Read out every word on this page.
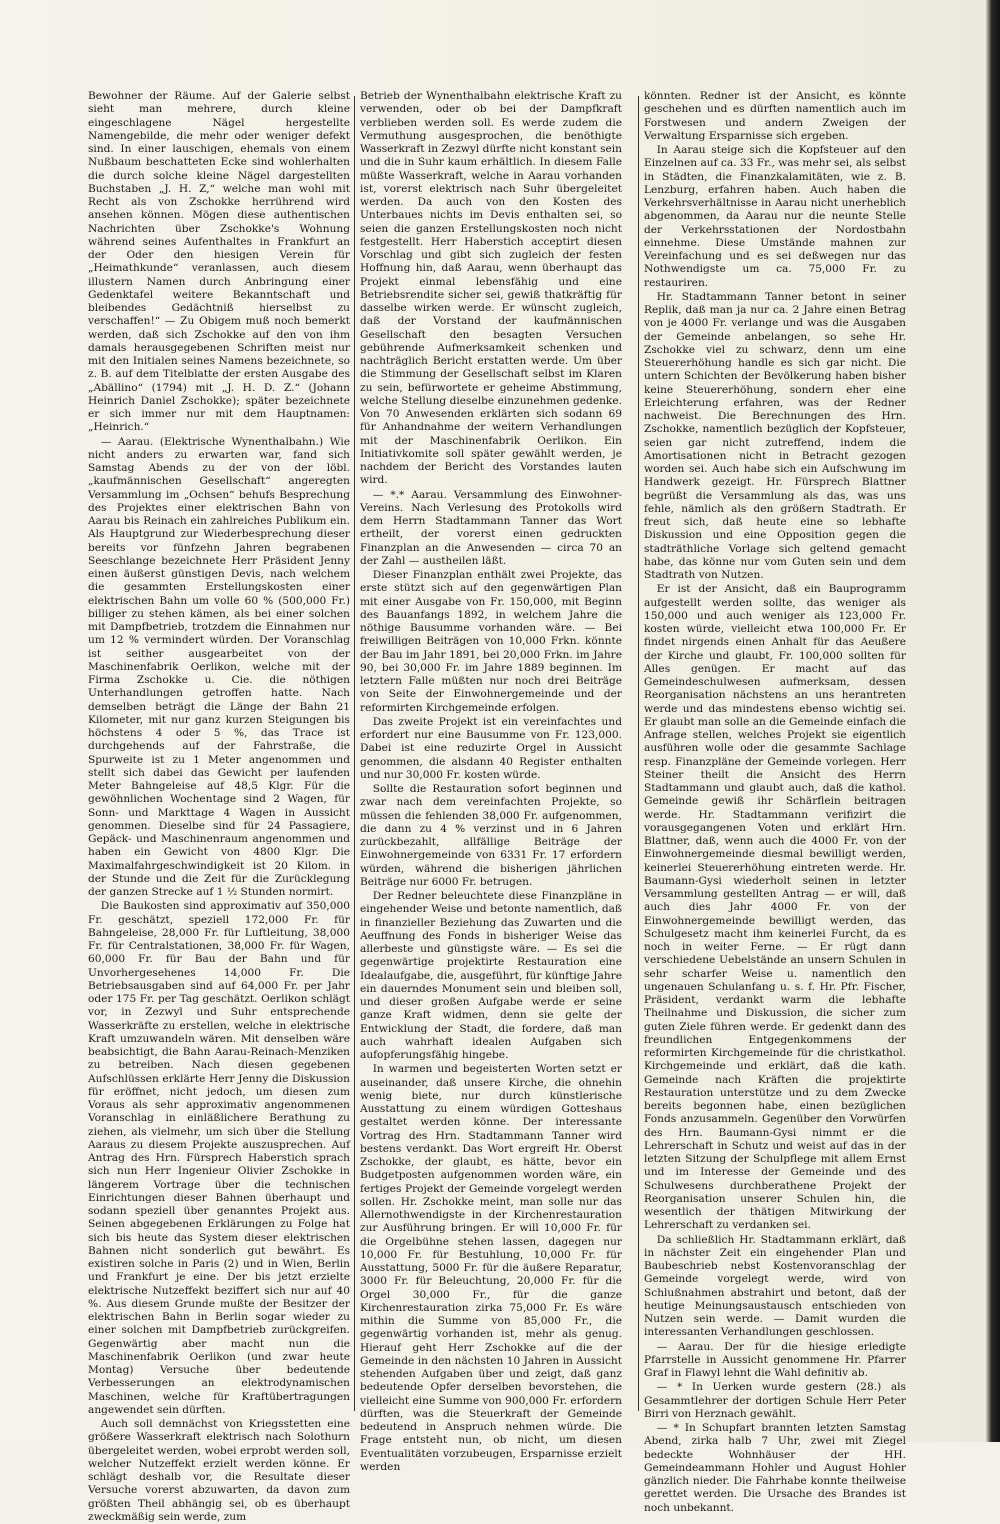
Bewohner der Räume. Auf der Galerie selbst sieht man mehrere, durch kleine eingeschlagene Nägel hergestellte Namengebilde, die mehr oder weniger defekt sind. In einer lauschigen, ehemals von einem Nußbaum beschatteten Ecke sind wohlerhalten die durch solche kleine Nägel dargestellten Buchstaben „J. H. Z,“ welche man wohl mit Recht als von Zschokke herrührend wird ansehen können. Mögen diese authentischen Nachrichten über Zschokke's Wohnung während seines Aufenthaltes in Frankfurt an der Oder den hiesigen Verein für „Heimathkunde“ veranlassen, auch diesem illustern Namen durch Anbringung einer Gedenktafel weitere Bekanntschaft und bleibendes Gedächtniß hierselbst zu verschaffen!“ — Zu Obigem muß noch bemerkt werden, daß sich Zschokke auf den von ihm damals herausgegebenen Schriften meist nur mit den Initialen seines Namens bezeichnete, so z. B. auf dem Titelblatte der ersten Ausgabe des „Abällino“ (1794) mit „J. H. D. Z.“ (Johann Heinrich Daniel Zschokke); später bezeichnete er sich immer nur mit dem Hauptnamen: „Heinrich.“

— Aarau. (Elektrische Wynenthalbahn.) Wie nicht anders zu erwarten war, fand sich Samstag Abends zu der von der löbl. „kaufmännischen Gesellschaft“ angeregten Versammlung im „Ochsen“ behufs Besprechung des Projektes einer elektrischen Bahn von Aarau bis Reinach ein zahlreiches Publikum ein. Als Hauptgrund zur Wiederbesprechung dieser bereits vor fünfzehn Jahren begrabenen Seeschlange bezeichnete Herr Präsident Jenny einen äußerst günstigen Devis, nach welchem die gesammten Erstellungskosten einer elektrischen Bahn um volle 60 % (500,000 Fr.) billiger zu stehen kämen, als bei einer solchen mit Dampfbetrieb, trotzdem die Einnahmen nur um 12 % vermindert würden. Der Voranschlag ist seither ausgearbeitet von der Maschinenfabrik Oerlikon, welche mit der Firma Zschokke u. Cie. die nöthigen Unterhandlungen getroffen hatte. Nach demselben beträgt die Länge der Bahn 21 Kilometer, mit nur ganz kurzen Steigungen bis höchstens 4 oder 5 %, das Trace ist durchgehends auf der Fahrstraße, die Spurweite ist zu 1 Meter angenommen und stellt sich dabei das Gewicht per laufenden Meter Bahngeleise auf 48,5 Klgr. Für die gewöhnlichen Wochentage sind 2 Wagen, für Sonn- und Markttage 4 Wagen in Aussicht genommen. Dieselbe sind für 24 Passagiere, Gepäck- und Maschinenraum angenommen und haben ein Gewicht von 4800 Klgr. Die Maximalfahrgeschwindigkeit ist 20 Kilom. in der Stunde und die Zeit für die Zurücklegung der ganzen Strecke auf 1 ½ Stunden normirt.

Die Baukosten sind approximativ auf 350,000 Fr. geschätzt, speziell 172,000 Fr. für Bahngeleise, 28,000 Fr. für Luftleitung, 38,000 Fr. für Centralstationen, 38,000 Fr. für Wagen, 60,000 Fr. für Bau der Bahn und für Unvorhergesehenes 14,000 Fr. Die Betriebsausgaben sind auf 64,000 Fr. per Jahr oder 175 Fr. per Tag geschätzt. Oerlikon schlägt vor, in Zezwyl und Suhr entsprechende Wasserkräfte zu erstellen, welche in elektrische Kraft umzuwandeln wären. Mit denselben wäre beabsichtigt, die Bahn Aarau-Reinach-Menziken zu betreiben. Nach diesen gegebenen Aufschlüssen erklärte Herr Jenny die Diskussion für eröffnet, nicht jedoch, um diesen zum Voraus als sehr approximativ angenommenen Voranschlag in einläßlichere Berathung zu ziehen, als vielmehr, um sich über die Stellung Aaraus zu diesem Projekte auszusprechen. Auf Antrag des Hrn. Fürsprech Haberstich sprach sich nun Herr Ingenieur Olivier Zschokke in längerem Vortrage über die technischen Einrichtungen dieser Bahnen überhaupt und sodann speziell über genanntes Projekt aus. Seinen abgegebenen Erklärungen zu Folge hat sich bis heute das System dieser elektrischen Bahnen nicht sonderlich gut bewährt. Es existiren solche in Paris (2) und in Wien, Berlin und Frankfurt je eine. Der bis jetzt erzielte elektrische Nutzeffekt beziffert sich nur auf 40 %. Aus diesem Grunde mußte der Besitzer der elektrischen Bahn in Berlin sogar wieder zu einer solchen mit Dampfbetrieb zurückgreifen. Gegenwärtig aber macht nun die Maschinenfabrik Oerlikon (und zwar heute Montag) Versuche über bedeutende Verbesserungen an elektrodynamischen Maschinen, welche für Kraftübertragungen angewendet sein dürften.

Auch soll demnächst von Kriegsstetten eine größere Wasserkraft elektrisch nach Solothurn übergeleitet werden, wobei erprobt werden soll, welcher Nutzeffekt erzielt werden könne. Er schlägt deshalb vor, die Resultate dieser Versuche vorerst abzuwarten, da davon zum größten Theil abhängig sei, ob es überhaupt zweckmäßig sein werde, zum

Betrieb der Wynenthalbahn elektrische Kraft zu verwenden, oder ob bei der Dampfkraft verblieben werden soll. Es werde zudem die Vermuthung ausgesprochen, die benöthigte Wasserkraft in Zezwyl dürfte nicht konstant sein und die in Suhr kaum erhältlich. In diesem Falle müßte Wasserkraft, welche in Aarau vorhanden ist, vorerst elektrisch nach Suhr übergeleitet werden. Da auch von den Kosten des Unterbaues nichts im Devis enthalten sei, so seien die ganzen Erstellungskosten noch nicht festgestellt. Herr Haberstich acceptirt diesen Vorschlag und gibt sich zugleich der festen Hoffnung hin, daß Aarau, wenn überhaupt das Projekt einmal lebensfähig und eine Betriebsrendite sicher sei, gewiß thatkräftig für dasselbe wirken werde. Er wünscht zugleich, daß der Vorstand der kaufmännischen Gesellschaft den besagten Versuchen gebührende Aufmerksamkeit schenken und nachträglich Bericht erstatten werde. Um über die Stimmung der Gesellschaft selbst im Klaren zu sein, befürwortete er geheime Abstimmung, welche Stellung dieselbe einzunehmen gedenke. Von 70 Anwesenden erklärten sich sodann 69 für Anhandnahme der weitern Verhandlungen mit der Maschinenfabrik Oerlikon. Ein Initiativkomite soll später gewählt werden, je nachdem der Bericht des Vorstandes lauten wird.

— *.* Aarau. Versammlung des Einwohner-Vereins. Nach Verlesung des Protokolls wird dem Herrn Stadtammann Tanner das Wort ertheilt, der vorerst einen gedruckten Finanzplan an die Anwesenden — circa 70 an der Zahl — austheilen läßt.

Dieser Finanzplan enthält zwei Projekte, das erste stützt sich auf den gegenwärtigen Plan mit einer Ausgabe von Fr. 150,000, mit Beginn des Bauanfangs 1892, in welchem Jahre die nöthige Bausumme vorhanden wäre. — Bei freiwilligen Beiträgen von 10,000 Frkn. könnte der Bau im Jahr 1891, bei 20,000 Frkn. im Jahre 90, bei 30,000 Fr. im Jahre 1889 beginnen. Im letztern Falle müßten nur noch drei Beiträge von Seite der Einwohnergemeinde und der reformirten Kirchgemeinde erfolgen.

Das zweite Projekt ist ein vereinfachtes und erfordert nur eine Bausumme von Fr. 123,000. Dabei ist eine reduzirte Orgel in Aussicht genommen, die alsdann 40 Register enthalten und nur 30,000 Fr. kosten würde.

Sollte die Restauration sofort beginnen und zwar nach dem vereinfachten Projekte, so müssen die fehlenden 38,000 Fr. aufgenommen, die dann zu 4 % verzinst und in 6 Jahren zurückbezahlt, allfällige Beiträge der Einwohnergemeinde von 6331 Fr. 17 erfordern würden, während die bisherigen jährlichen Beiträge nur 6000 Fr. betrugen.

Der Redner beleuchtete diese Finanzpläne in eingehender Weise und betonte namentlich, daß in finanzieller Beziehung das Zuwarten und die Aeuffnung des Fonds in bisheriger Weise das allerbeste und günstigste wäre. — Es sei die gegenwärtige projektirte Restauration eine Idealaufgabe, die, ausgeführt, für künftige Jahre ein dauerndes Monument sein und bleiben soll, und dieser großen Aufgabe werde er seine ganze Kraft widmen, denn sie gelte der Entwicklung der Stadt, die fordere, daß man auch wahrhaft idealen Aufgaben sich aufopferungsfähig hingebe.

In warmen und begeisterten Worten setzt er auseinander, daß unsere Kirche, die ohnehin wenig biete, nur durch künstlerische Ausstattung zu einem würdigen Gotteshaus gestaltet werden könne. Der interessante Vortrag des Hrn. Stadtammann Tanner wird bestens verdankt. Das Wort ergreift Hr. Oberst Zschokke, der glaubt, es hätte, bevor ein Budgetposten aufgenommen worden wäre, ein fertiges Projekt der Gemeinde vorgelegt werden sollen. Hr. Zschokke meint, man solle nur das Allernothwendigste in der Kirchenrestauration zur Ausführung bringen. Er will 10,000 Fr. für die Orgelbühne stehen lassen, dagegen nur 10,000 Fr. für Bestuhlung, 10,000 Fr. für Ausstattung, 5000 Fr. für die äußere Reparatur, 3000 Fr. für Beleuchtung, 20,000 Fr. für die Orgel 30,000 Fr., für die ganze Kirchenrestauration zirka 75,000 Fr. Es wäre mithin die Summe von 85,000 Fr., die gegenwärtig vorhanden ist, mehr als genug. Hierauf geht Herr Zschokke auf die der Gemeinde in den nächsten 10 Jahren in Aussicht stehenden Aufgaben über und zeigt, daß ganz bedeutende Opfer derselben bevorstehen, die vielleicht eine Summe von 900,000 Fr. erfordern dürften, was die Steuerkraft der Gemeinde bedeutend in Anspruch nehmen würde. Die Frage entsteht nun, ob nicht, um diesen Eventualitäten vorzubeugen, Ersparnisse erzielt werden

könnten. Redner ist der Ansicht, es könnte geschehen und es dürften namentlich auch im Forstwesen und andern Zweigen der Verwaltung Ersparnisse sich ergeben.

In Aarau steige sich die Kopfsteuer auf den Einzelnen auf ca. 33 Fr., was mehr sei, als selbst in Städten, die Finanzkalamitäten, wie z. B. Lenzburg, erfahren haben. Auch haben die Verkehrsverhältnisse in Aarau nicht unerheblich abgenommen, da Aarau nur die neunte Stelle der Verkehrsstationen der Nordostbahn einnehme. Diese Umstände mahnen zur Vereinfachung und es sei deßwegen nur das Nothwendigste um ca. 75,000 Fr. zu restauriren.

Hr. Stadtammann Tanner betont in seiner Replik, daß man ja nur ca. 2 Jahre einen Betrag von je 4000 Fr. verlange und was die Ausgaben der Gemeinde anbelangen, so sehe Hr. Zschokke viel zu schwarz, denn um eine Steuererhöhung handle es sich gar nicht. Die untern Schichten der Bevölkerung haben bisher keine Steuererhöhung, sondern eher eine Erleichterung erfahren, was der Redner nachweist. Die Berechnungen des Hrn. Zschokke, namentlich bezüglich der Kopfsteuer, seien gar nicht zutreffend, indem die Amortisationen nicht in Betracht gezogen worden sei. Auch habe sich ein Aufschwung im Handwerk gezeigt. Hr. Fürsprech Blattner begrüßt die Versammlung als das, was uns fehle, nämlich als den größern Stadtrath. Er freut sich, daß heute eine so lebhafte Diskussion und eine Opposition gegen die stadträthliche Vorlage sich geltend gemacht habe, das könne nur vom Guten sein und dem Stadtrath von Nutzen.

Er ist der Ansicht, daß ein Bauprogramm aufgestellt werden sollte, das weniger als 150,000 und auch weniger als 123,000 Fr. kosten würde, vielleicht etwa 100,000 Fr. Er findet nirgends einen Anhalt für das Aeußere der Kirche und glaubt, Fr. 100,000 sollten für Alles genügen. Er macht auf das Gemeindeschulwesen aufmerksam, dessen Reorganisation nächstens an uns herantreten werde und das mindestens ebenso wichtig sei. Er glaubt man solle an die Gemeinde einfach die Anfrage stellen, welches Projekt sie eigentlich ausführen wolle oder die gesammte Sachlage resp. Finanzpläne der Gemeinde vorlegen. Herr Steiner theilt die Ansicht des Herrn Stadtammann und glaubt auch, daß die kathol. Gemeinde gewiß ihr Schärflein beitragen werde. Hr. Stadtammann verifizirt die vorausgegangenen Voten und erklärt Hrn. Blattner, daß, wenn auch die 4000 Fr. von der Einwohnergemeinde diesmal bewilligt werden, keinerlei Steuererhöhung eintreten werde. Hr. Baumann-Gysi wiederholt seinen in letzter Versammlung gestellten Antrag — er will, daß auch dies Jahr 4000 Fr. von der Einwohnergemeinde bewilligt werden, das Schulgesetz macht ihm keinerlei Furcht, da es noch in weiter Ferne. — Er rügt dann verschiedene Uebelstände an unsern Schulen in sehr scharfer Weise u. namentlich den ungenauen Schulanfang u. s. f. Hr. Pfr. Fischer, Präsident, verdankt warm die lebhafte Theilnahme und Diskussion, die sicher zum guten Ziele führen werde. Er gedenkt dann des freundlichen Entgegenkommens der reformirten Kirchgemeinde für die christkathol. Kirchgemeinde und erklärt, daß die kath. Gemeinde nach Kräften die projektirte Restauration unterstütze und zu dem Zwecke bereits begonnen habe, einen bezüglichen Fonds anzusammeln. Gegenüber den Vorwürfen des Hrn. Baumann-Gysi nimmt er die Lehrerschaft in Schutz und weist auf das in der letzten Sitzung der Schulpflege mit allem Ernst und im Interesse der Gemeinde und des Schulwesens durchberathene Projekt der Reorganisation unserer Schulen hin, die wesentlich der thätigen Mitwirkung der Lehrerschaft zu verdanken sei.

Da schließlich Hr. Stadtammann erklärt, daß in nächster Zeit ein eingehender Plan und Baubeschrieb nebst Kostenvoranschlag der Gemeinde vorgelegt werde, wird von Schlußnahmen abstrahirt und betont, daß der heutige Meinungsaustausch entschieden von Nutzen sein werde. — Damit wurden die interessanten Verhandlungen geschlossen.

— Aarau. Der für die hiesige erledigte Pfarrstelle in Aussicht genommene Hr. Pfarrer Graf in Flawyl lehnt die Wahl definitiv ab.

— * In Uerken wurde gestern (28.) als Gesammtlehrer der dortigen Schule Herr Peter Birri von Herznach gewählt.

— * In Schupfart brannten letzten Samstag Abend, zirka halb 7 Uhr, zwei mit Ziegel bedeckte Wohnhäuser der HH. Gemeindeammann Hohler und August Hohler gänzlich nieder. Die Fahrhabe konnte theilweise gerettet werden. Die Ursache des Brandes ist noch unbekannt.
